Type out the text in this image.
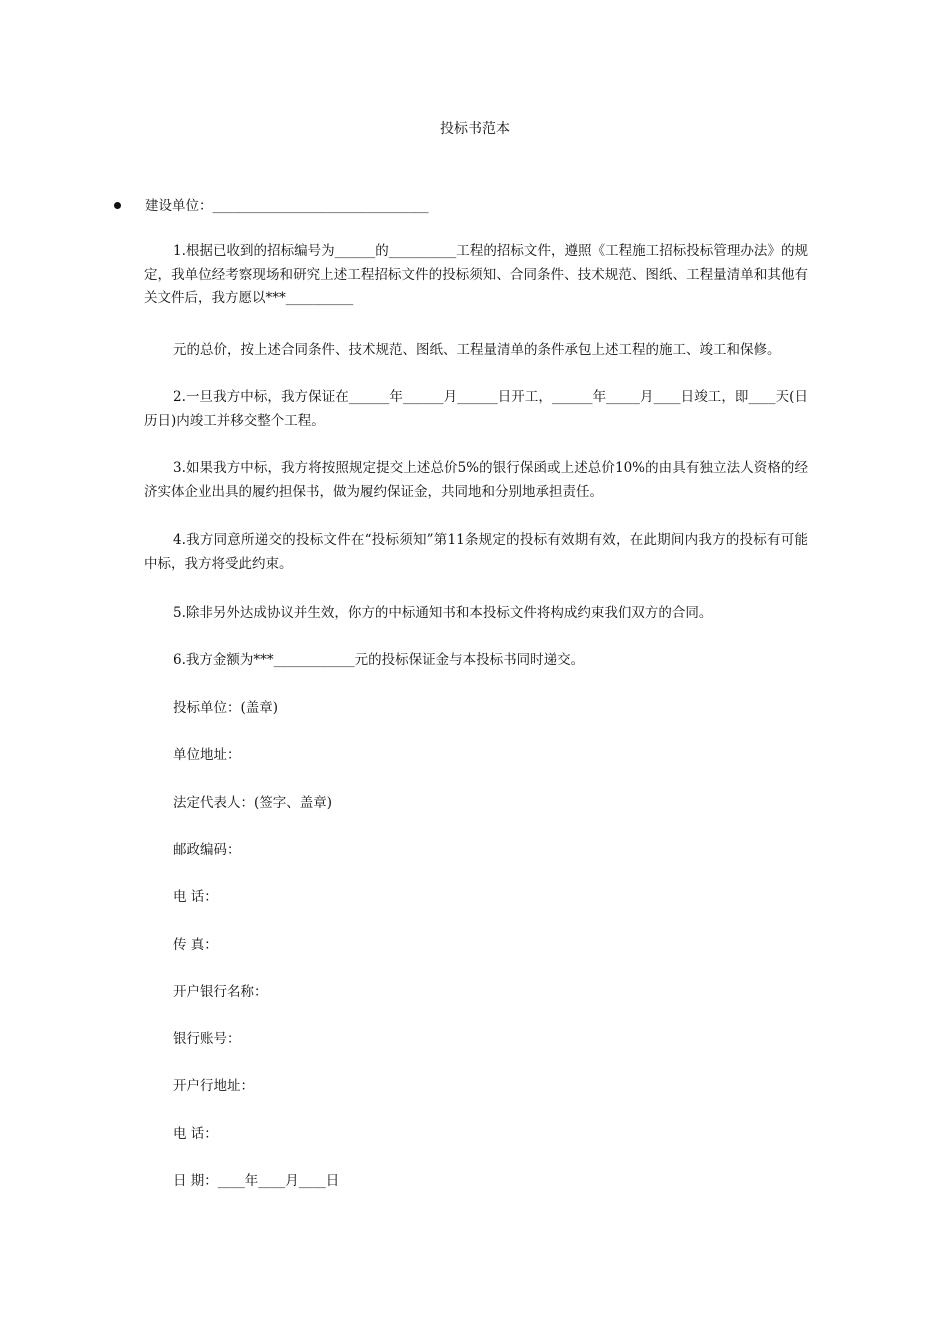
投标书范本
建设单位：________________________________
1.根据已收到的招标编号为______的__________工程的招标文件，遵照《工程施工招标投标管理办法》的规定，我单位经考察现场和研究上述工程招标文件的投标须知、合同条件、技术规范、图纸、工程量清单和其他有关文件后，我方愿以***__________
元的总价，按上述合同条件、技术规范、图纸、工程量清单的条件承包上述工程的施工、竣工和保修。
2.一旦我方中标，我方保证在______年______月______日开工，______年_____月____日竣工，即____天(日历日)内竣工并移交整个工程。
3.如果我方中标，我方将按照规定提交上述总价5%的银行保函或上述总价10%的由具有独立法人资格的经济实体企业出具的履约担保书，做为履约保证金，共同地和分别地承担责任。
4.我方同意所递交的投标文件在“投标须知”第11条规定的投标有效期有效，在此期间内我方的投标有可能中标，我方将受此约束。
5.除非另外达成协议并生效，你方的中标通知书和本投标文件将构成约束我们双方的合同。
6.我方金额为***____________元的投标保证金与本投标书同时递交。
投标单位：(盖章)
单位地址：
法定代表人：(签字、盖章)
邮政编码：
电 话：
传 真：
开户银行名称：
银行账号：
开户行地址：
电 话：
日 期：____年____月____日
